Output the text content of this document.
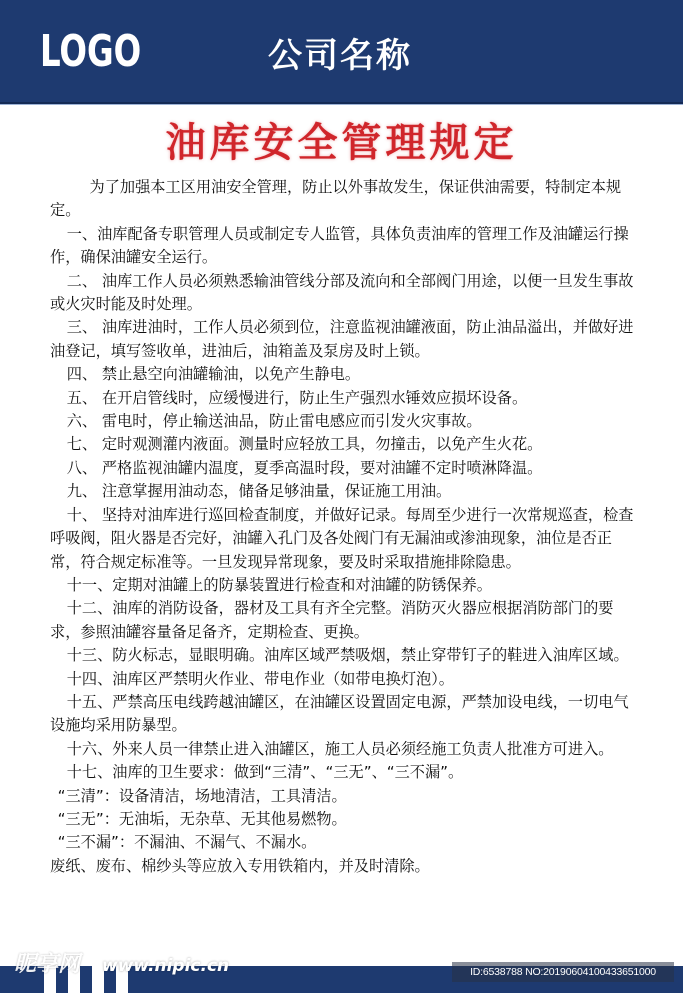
LOGO	公司名称
油库安全管理规定

为了加强本工区用油安全管理，防止以外事故发生，保证供油需要，特制定本规定。

一、油库配备专职管理人员或制定专人监管，具体负责油库的管理工作及油罐运行操作，确保油罐安全运行。

二、 油库工作人员必须熟悉输油管线分部及流向和全部阀门用途，以便一旦发生事故或火灾时能及时处理。

三、 油库进油时，工作人员必须到位，注意监视油罐液面，防止油品溢出，并做好进油登记，填写签收单，进油后，油箱盖及泵房及时上锁。

四、 禁止悬空向油罐输油，以免产生静电。

五、 在开启管线时，应缓慢进行，防止生产强烈水锤效应损坏设备。

六、 雷电时，停止输送油品，防止雷电感应而引发火灾事故。

七、 定时观测灌内液面。测量时应轻放工具，勿撞击，以免产生火花。

八、 严格监视油罐内温度，夏季高温时段，要对油罐不定时喷淋降温。

九、 注意掌握用油动态，储备足够油量，保证施工用油。

十、 坚持对油库进行巡回检查制度，并做好记录。每周至少进行一次常规巡查，检查呼吸阀，阻火器是否完好，油罐入孔门及各处阀门有无漏油或渗油现象，油位是否正常，符合规定标准等。一旦发现异常现象，要及时采取措施排除隐患。

十一、定期对油罐上的防暴装置进行检查和对油罐的防锈保养。

十二、油库的消防设备，器材及工具有齐全完整。消防灭火器应根据消防部门的要求，参照油罐容量备足备齐，定期检查、更换。

十三、防火标志，显眼明确。油库区域严禁吸烟，禁止穿带钉子的鞋进入油库区域。

十四、油库区严禁明火作业、带电作业（如带电换灯泡）。

十五、严禁高压电线跨越油罐区，在油罐区设置固定电源，严禁加设电线，一切电气设施均采用防暴型。

十六、外来人员一律禁止进入油罐区，施工人员必须经施工负责人批准方可进入。

十七、油库的卫生要求：做到“三清”、“三无”、“三不漏”。

“三清”：设备清洁，场地清洁，工具清洁。

“三无”：无油垢，无杂草、无其他易燃物。

“三不漏”：不漏油、不漏气、不漏水。

废纸、废布、棉纱头等应放入专用铁箱内，并及时清除。

昵享网 www.nipic.cn	ID:6538788 NO:20190604100433651000
